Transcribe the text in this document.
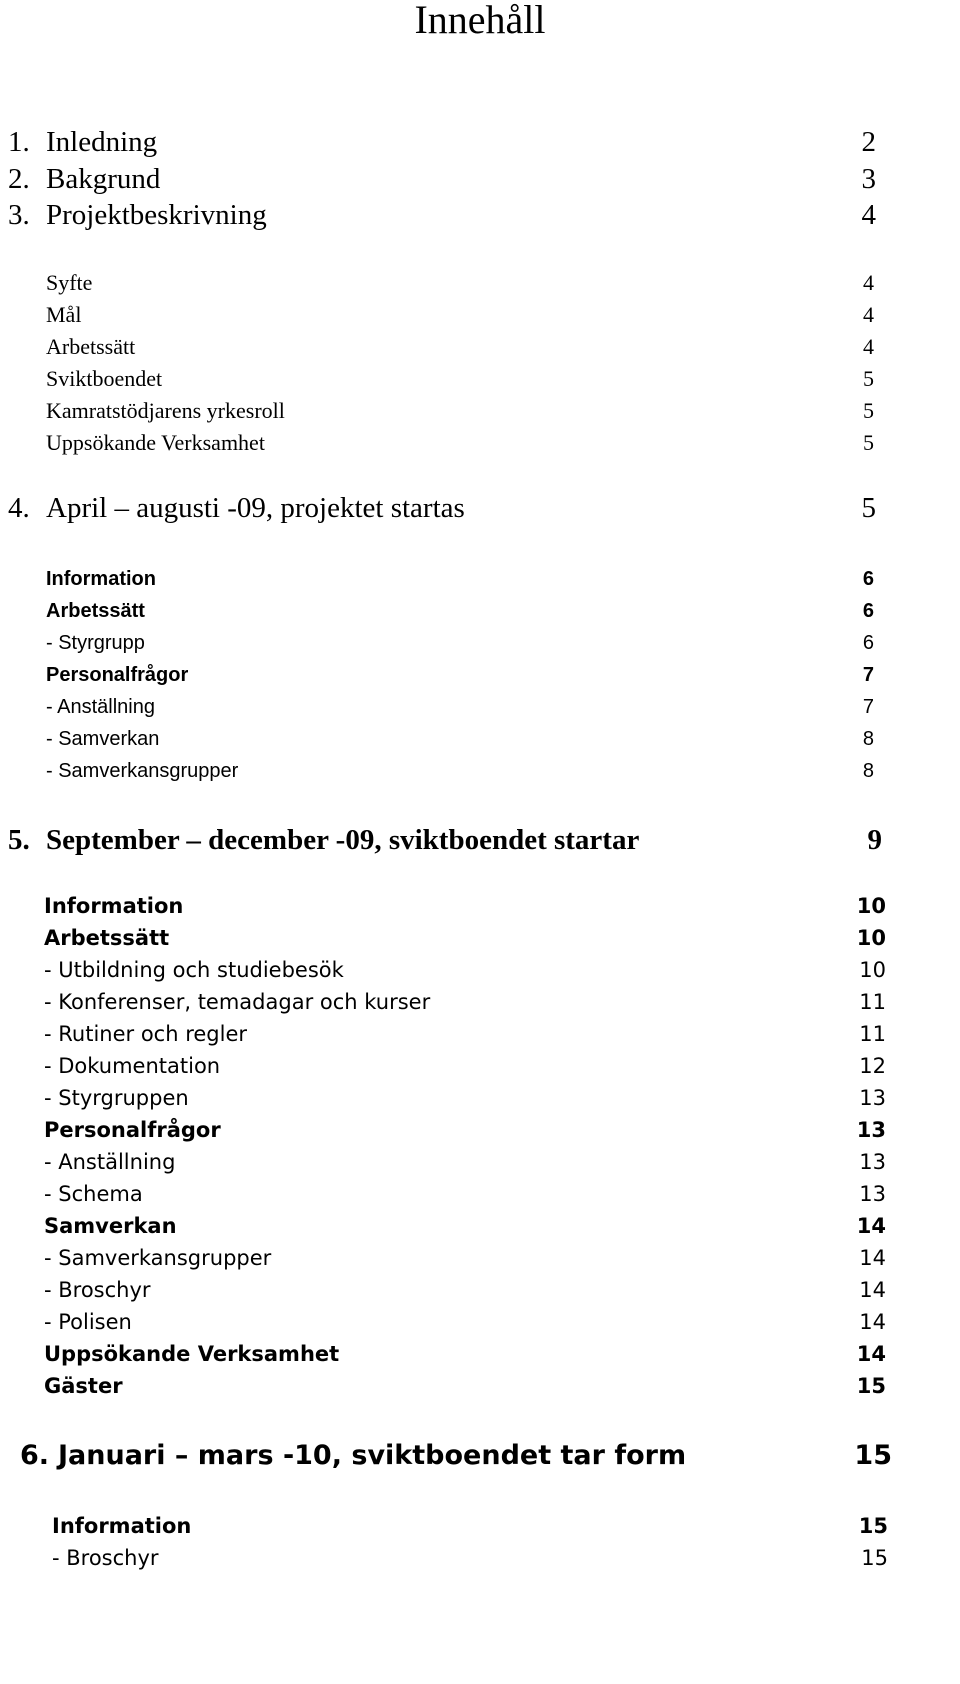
Innehåll
1. Inledning	2
2. Bakgrund	3
3. Projektbeskrivning	4
Syfte	4
Mål	4
Arbetssätt	4
Sviktboendet	5
Kamratstödjarens yrkesroll	5
Uppsökande Verksamhet	5
4. April – augusti -09, projektet startas	5
Information	6
Arbetssätt	6
- Styrgrupp	6
Personalfrågor	7
- Anställning	7
- Samverkan	8
- Samverkansgrupper	8
5. September – december -09, sviktboendet startar	9
Information	10
Arbetssätt	10
- Utbildning och studiebesök	10
- Konferenser, temadagar och kurser	11
- Rutiner och regler	11
- Dokumentation	12
- Styrgruppen	13
Personalfrågor	13
- Anställning	13
- Schema	13
Samverkan	14
- Samverkansgrupper	14
- Broschyr	14
- Polisen	14
Uppsökande Verksamhet	14
Gäster	15
6. Januari – mars -10, sviktboendet tar form	15
Information	15
- Broschyr	15
